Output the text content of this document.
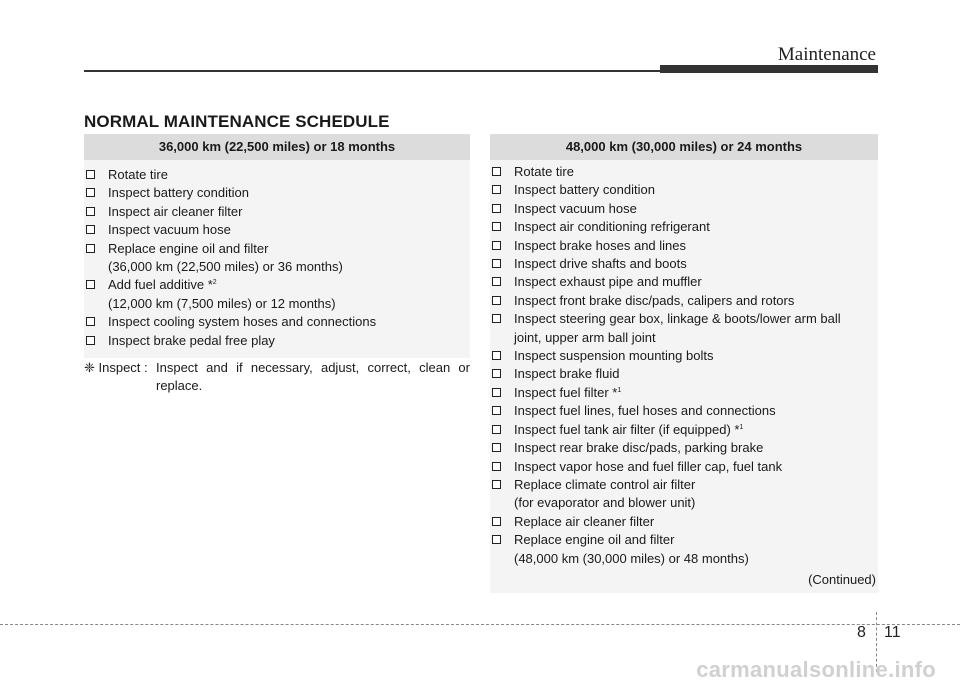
Maintenance
NORMAL MAINTENANCE SCHEDULE
36,000 km (22,500 miles) or 18 months
Rotate tire
Inspect battery condition
Inspect air cleaner filter
Inspect vacuum hose
Replace engine oil and filter
(36,000 km (22,500 miles) or 36 months)
Add fuel additive *$^2$
(12,000 km (7,500 miles) or 12 months)
Inspect cooling system hoses and connections
Inspect brake pedal free play
❈ Inspect : Inspect and if necessary, adjust, correct, clean or replace.
48,000 km (30,000 miles) or 24 months
Rotate tire
Inspect battery condition
Inspect vacuum hose
Inspect air conditioning refrigerant
Inspect brake hoses and lines
Inspect drive shafts and boots
Inspect exhaust pipe and muffler
Inspect front brake disc/pads, calipers and rotors
Inspect steering gear box, linkage & boots/lower arm ball
joint, upper arm ball joint
Inspect suspension mounting bolts
Inspect brake fluid
Inspect fuel filter *$^1$
Inspect fuel lines, fuel hoses and connections
Inspect fuel tank air filter (if equipped) *$^1$
Inspect rear brake disc/pads, parking brake
Inspect vapor hose and fuel filler cap, fuel tank
Replace climate control air filter
(for evaporator and blower unit)
Replace air cleaner filter
Replace engine oil and filter
(48,000 km (30,000 miles) or 48 months)
(Continued)
8 11
carmanualsonline.info
